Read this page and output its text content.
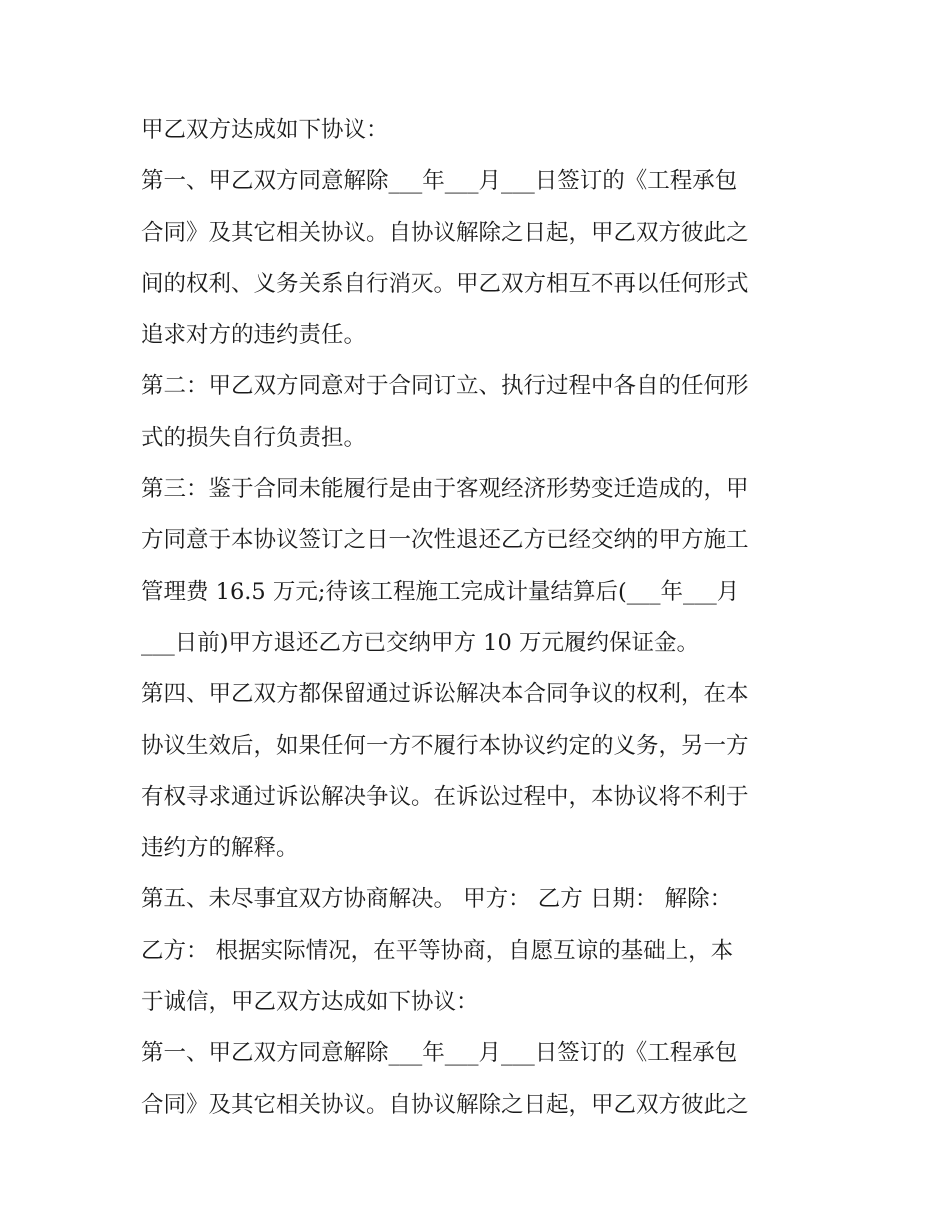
甲乙双方达成如下协议：
第一、甲乙双方同意解除___年___月___日签订的《工程承包
合同》及其它相关协议。自协议解除之日起，甲乙双方彼此之
间的权利、义务关系自行消灭。甲乙双方相互不再以任何形式
追求对方的违约责任。
第二：甲乙双方同意对于合同订立、执行过程中各自的任何形
式的损失自行负责担。
第三：鉴于合同未能履行是由于客观经济形势变迁造成的，甲
方同意于本协议签订之日一次性退还乙方已经交纳的甲方施工
管理费 16.5 万元;待该工程施工完成计量结算后(___年___月
___日前)甲方退还乙方已交纳甲方 10 万元履约保证金。
第四、甲乙双方都保留通过诉讼解决本合同争议的权利，在本
协议生效后，如果任何一方不履行本协议约定的义务，另一方
有权寻求通过诉讼解决争议。在诉讼过程中，本协议将不利于
违约方的解释。
第五、未尽事宜双方协商解决。 甲方： 乙方 日期： 解除：
乙方： 根据实际情况，在平等协商，自愿互谅的基础上，本
于诚信，甲乙双方达成如下协议：
第一、甲乙双方同意解除___年___月___日签订的《工程承包
合同》及其它相关协议。自协议解除之日起，甲乙双方彼此之
